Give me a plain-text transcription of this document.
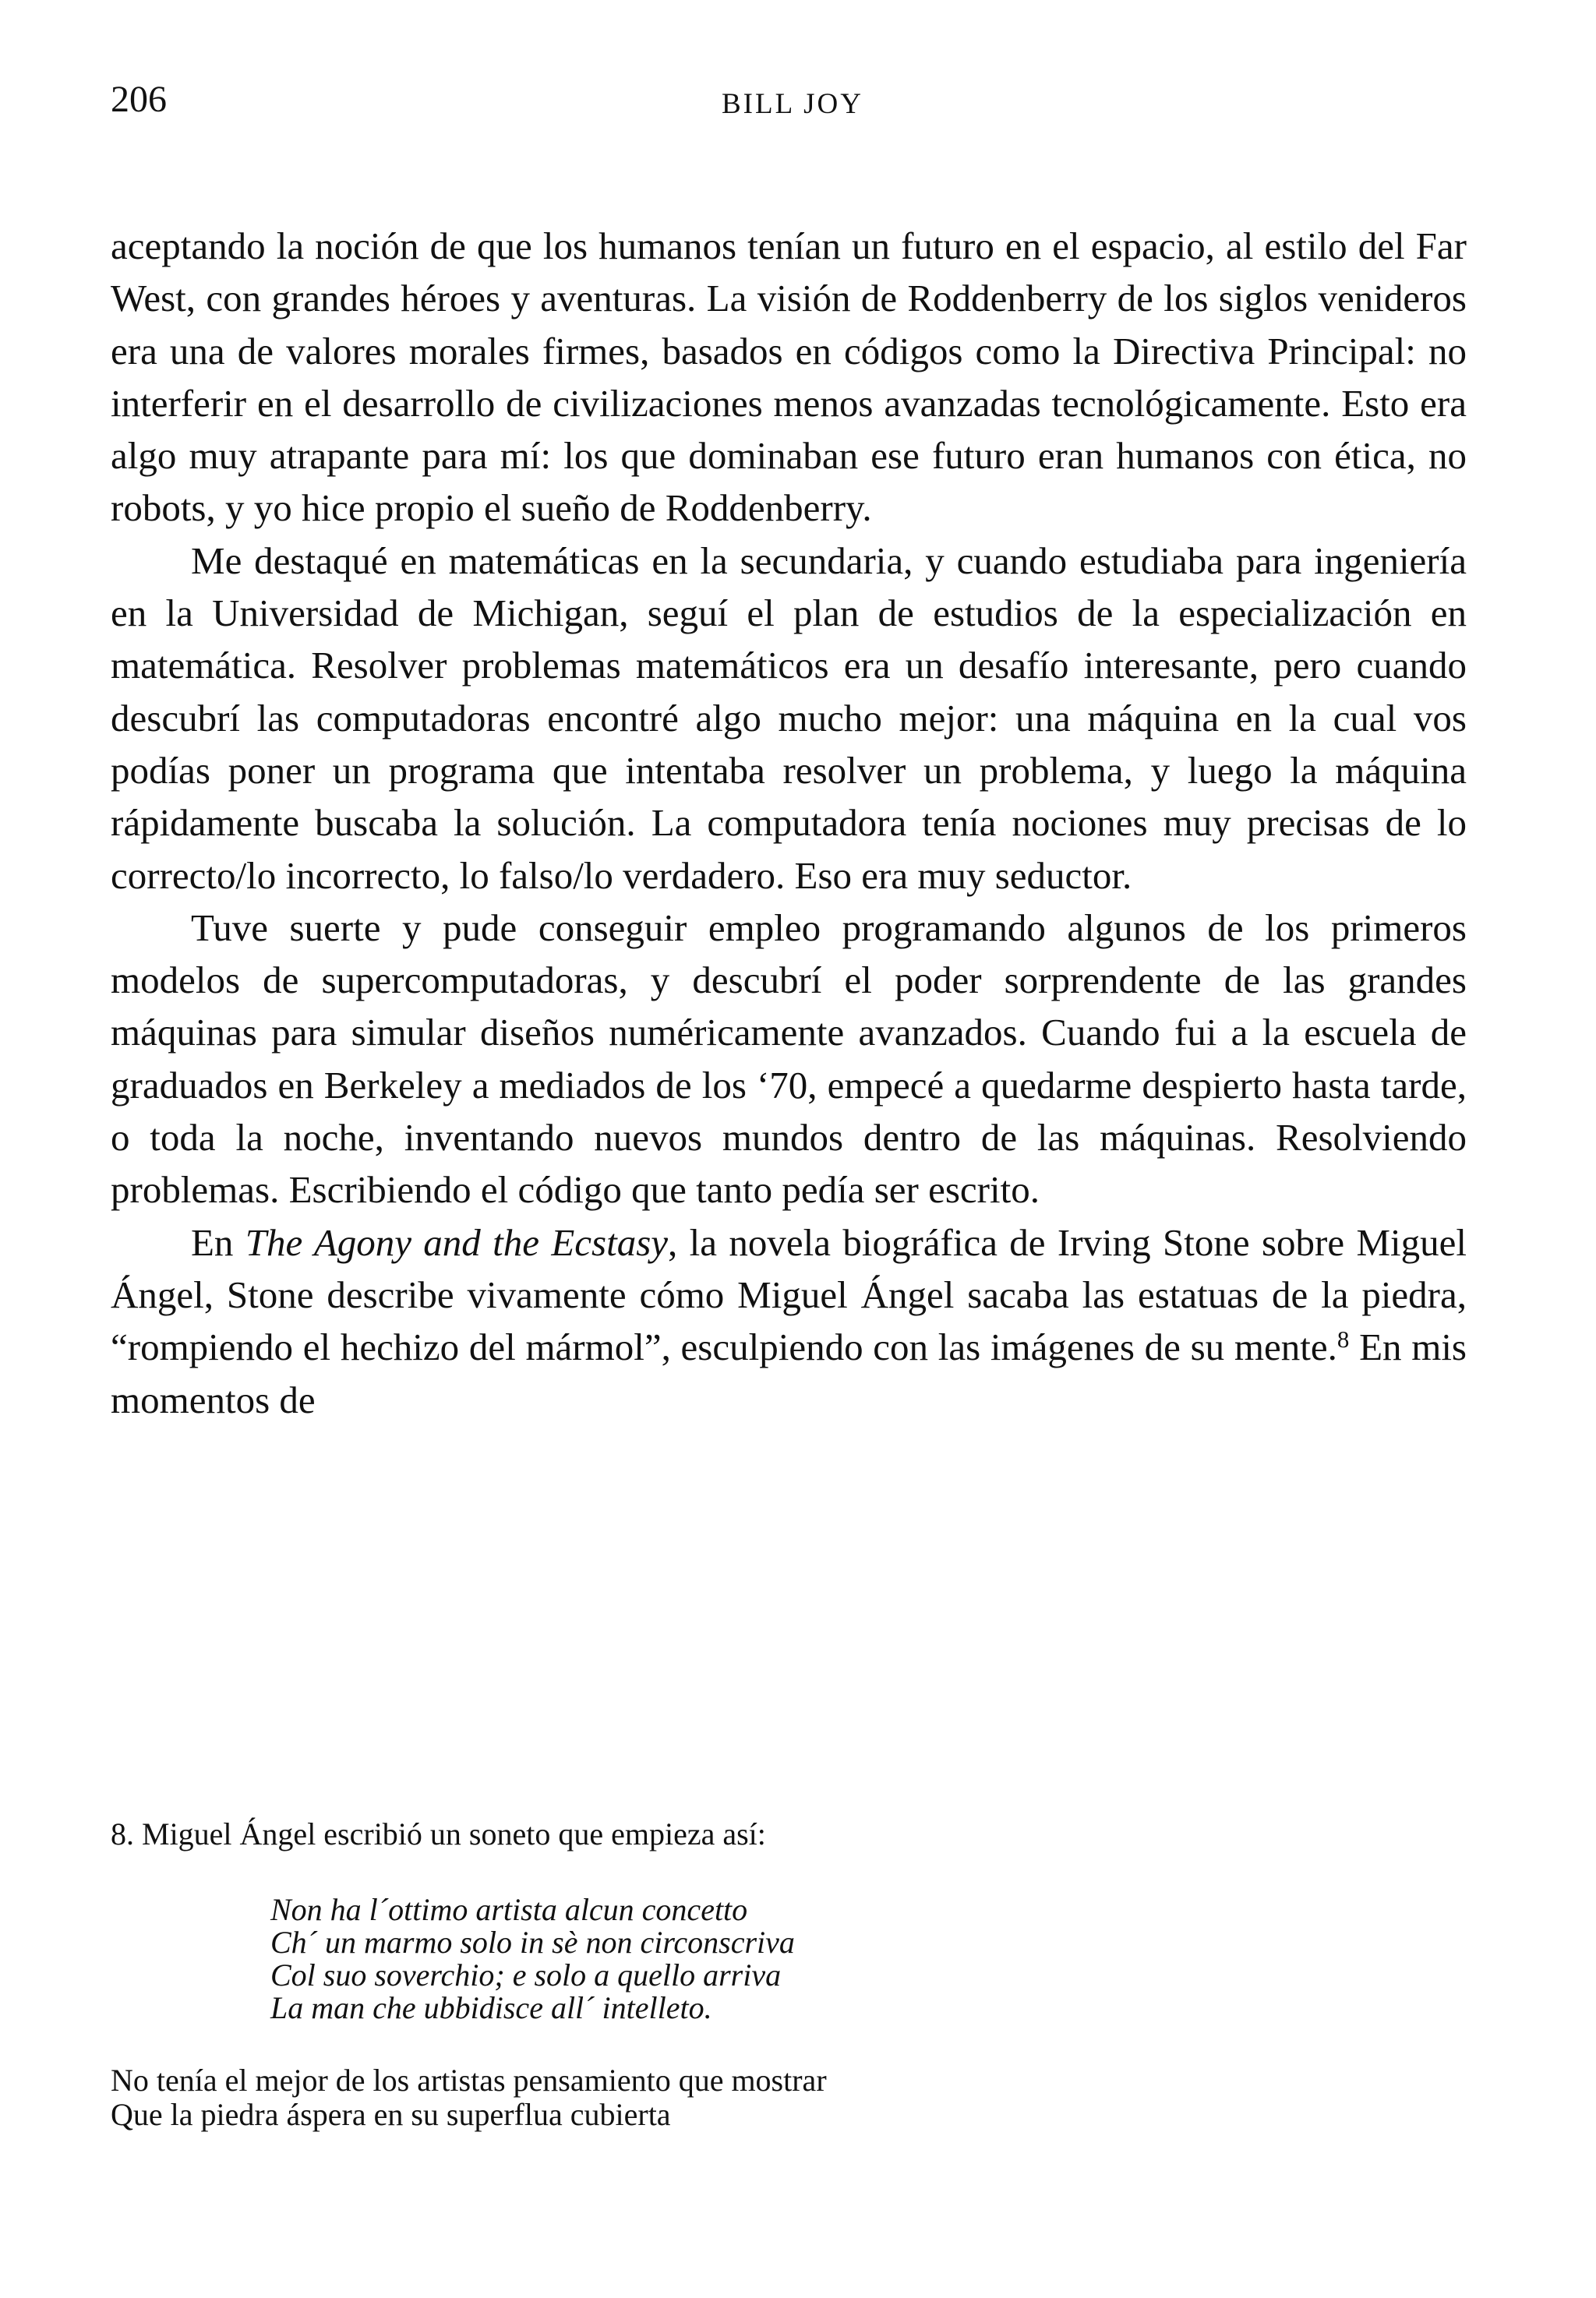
206	BILL JOY

aceptando la noción de que los humanos tenían un futuro en el espacio, al estilo del Far West, con grandes héroes y aventuras. La visión de Roddenberry de los siglos venideros era una de valores morales firmes, basados en códigos como la Directiva Principal: no interferir en el desarrollo de civilizaciones menos avanzadas tecnológicamente. Esto era algo muy atrapante para mí: los que dominaban ese futuro eran humanos con ética, no robots, y yo hice propio el sueño de Roddenberry.

Me destaqué en matemáticas en la secundaria, y cuando estudiaba para ingeniería en la Universidad de Michigan, seguí el plan de estudios de la especialización en matemática. Resolver problemas matemáticos era un desafío interesante, pero cuando descubrí las computadoras encontré algo mucho mejor: una máquina en la cual vos podías poner un programa que intentaba resolver un problema, y luego la máquina rápidamente buscaba la solución. La computadora tenía nociones muy precisas de lo correcto/lo incorrecto, lo falso/lo verdadero. Eso era muy seductor.

Tuve suerte y pude conseguir empleo programando algunos de los primeros modelos de supercomputadoras, y descubrí el poder sorprendente de las grandes máquinas para simular diseños numéricamente avanzados. Cuando fui a la escuela de graduados en Berkeley a mediados de los ‘70, empecé a quedarme despierto hasta tarde, o toda la noche, inventando nuevos mundos dentro de las máquinas. Resolviendo problemas. Escribiendo el código que tanto pedía ser escrito.

En The Agony and the Ecstasy, la novela biográfica de Irving Stone sobre Miguel Ángel, Stone describe vivamente cómo Miguel Ángel sacaba las estatuas de la piedra, “rompiendo el hechizo del mármol”, esculpiendo con las imágenes de su mente.$^8$ En mis momentos de

8. Miguel Ángel escribió un soneto que empieza así:

Non ha l´ottimo artista alcun concetto
Ch´ un marmo solo in sè non circonscriva
Col suo soverchio; e solo a quello arriva
La man che ubbidisce all´ intelleto.
No tenía el mejor de los artistas pensamiento que mostrar
Que la piedra áspera en su superflua cubierta
